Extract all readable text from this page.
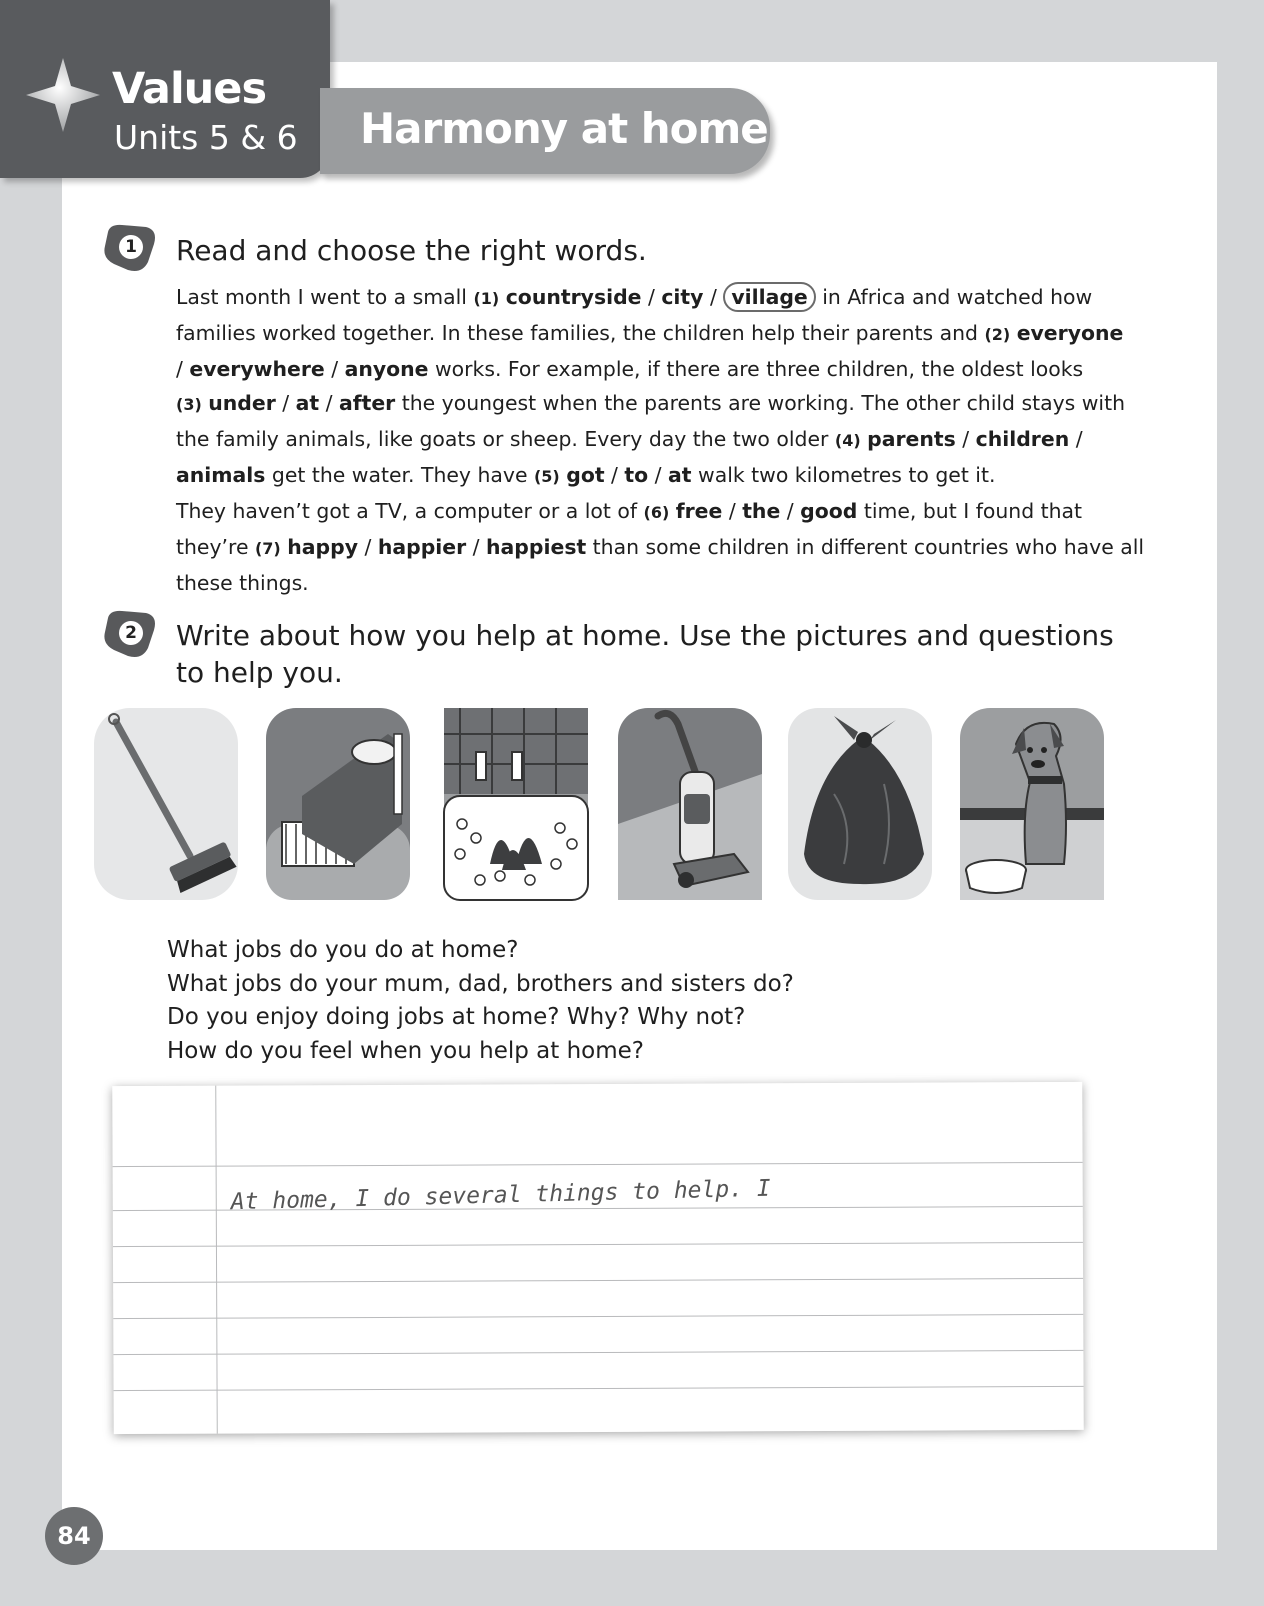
Values
Units 5 & 6 Harmony at home
1 Read and choose the right words.
Last month I went to a small (1) countryside / city / village in Africa and watched how
families worked together. In these families, the children help their parents and (2) everyone
/ everywhere / anyone works. For example, if there are three children, the oldest looks
(3) under / at / after the youngest when the parents are working. The other child stays with
the family animals, like goats or sheep. Every day the two older (4) parents / children /
animals get the water. They have (5) got / to / at walk two kilometres to get it.
They haven’t got a TV, a computer or a lot of (6) free / the / good time, but I found that
they’re (7) happy / happier / happiest than some children in different countries who have all
these things.
2 Write about how you help at home. Use the pictures and questions
to help you.
What jobs do you do at home?
What jobs do your mum, dad, brothers and sisters do?
Do you enjoy doing jobs at home? Why? Why not?
How do you feel when you help at home?
At home, I do several things to help. I
84
